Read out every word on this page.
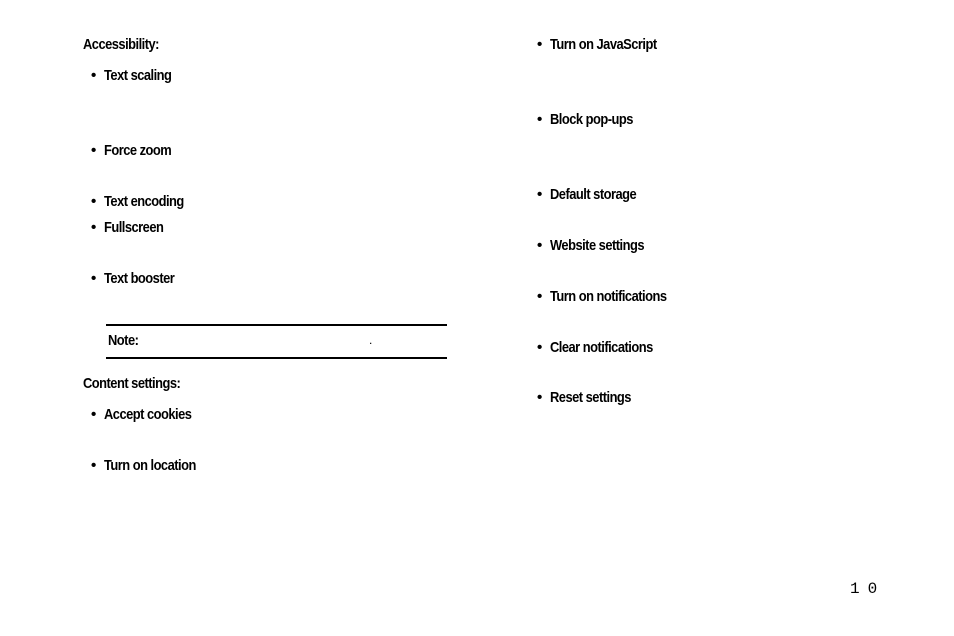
Accessibility:
• Text scaling
• Force zoom
• Text encoding
• Fullscreen
• Text booster
Note:	.
Content settings:
• Accept cookies
• Turn on location
• Turn on JavaScript
• Block pop-ups
• Default storage
• Website settings
• Turn on notifications
• Clear notifications
• Reset settings
10
